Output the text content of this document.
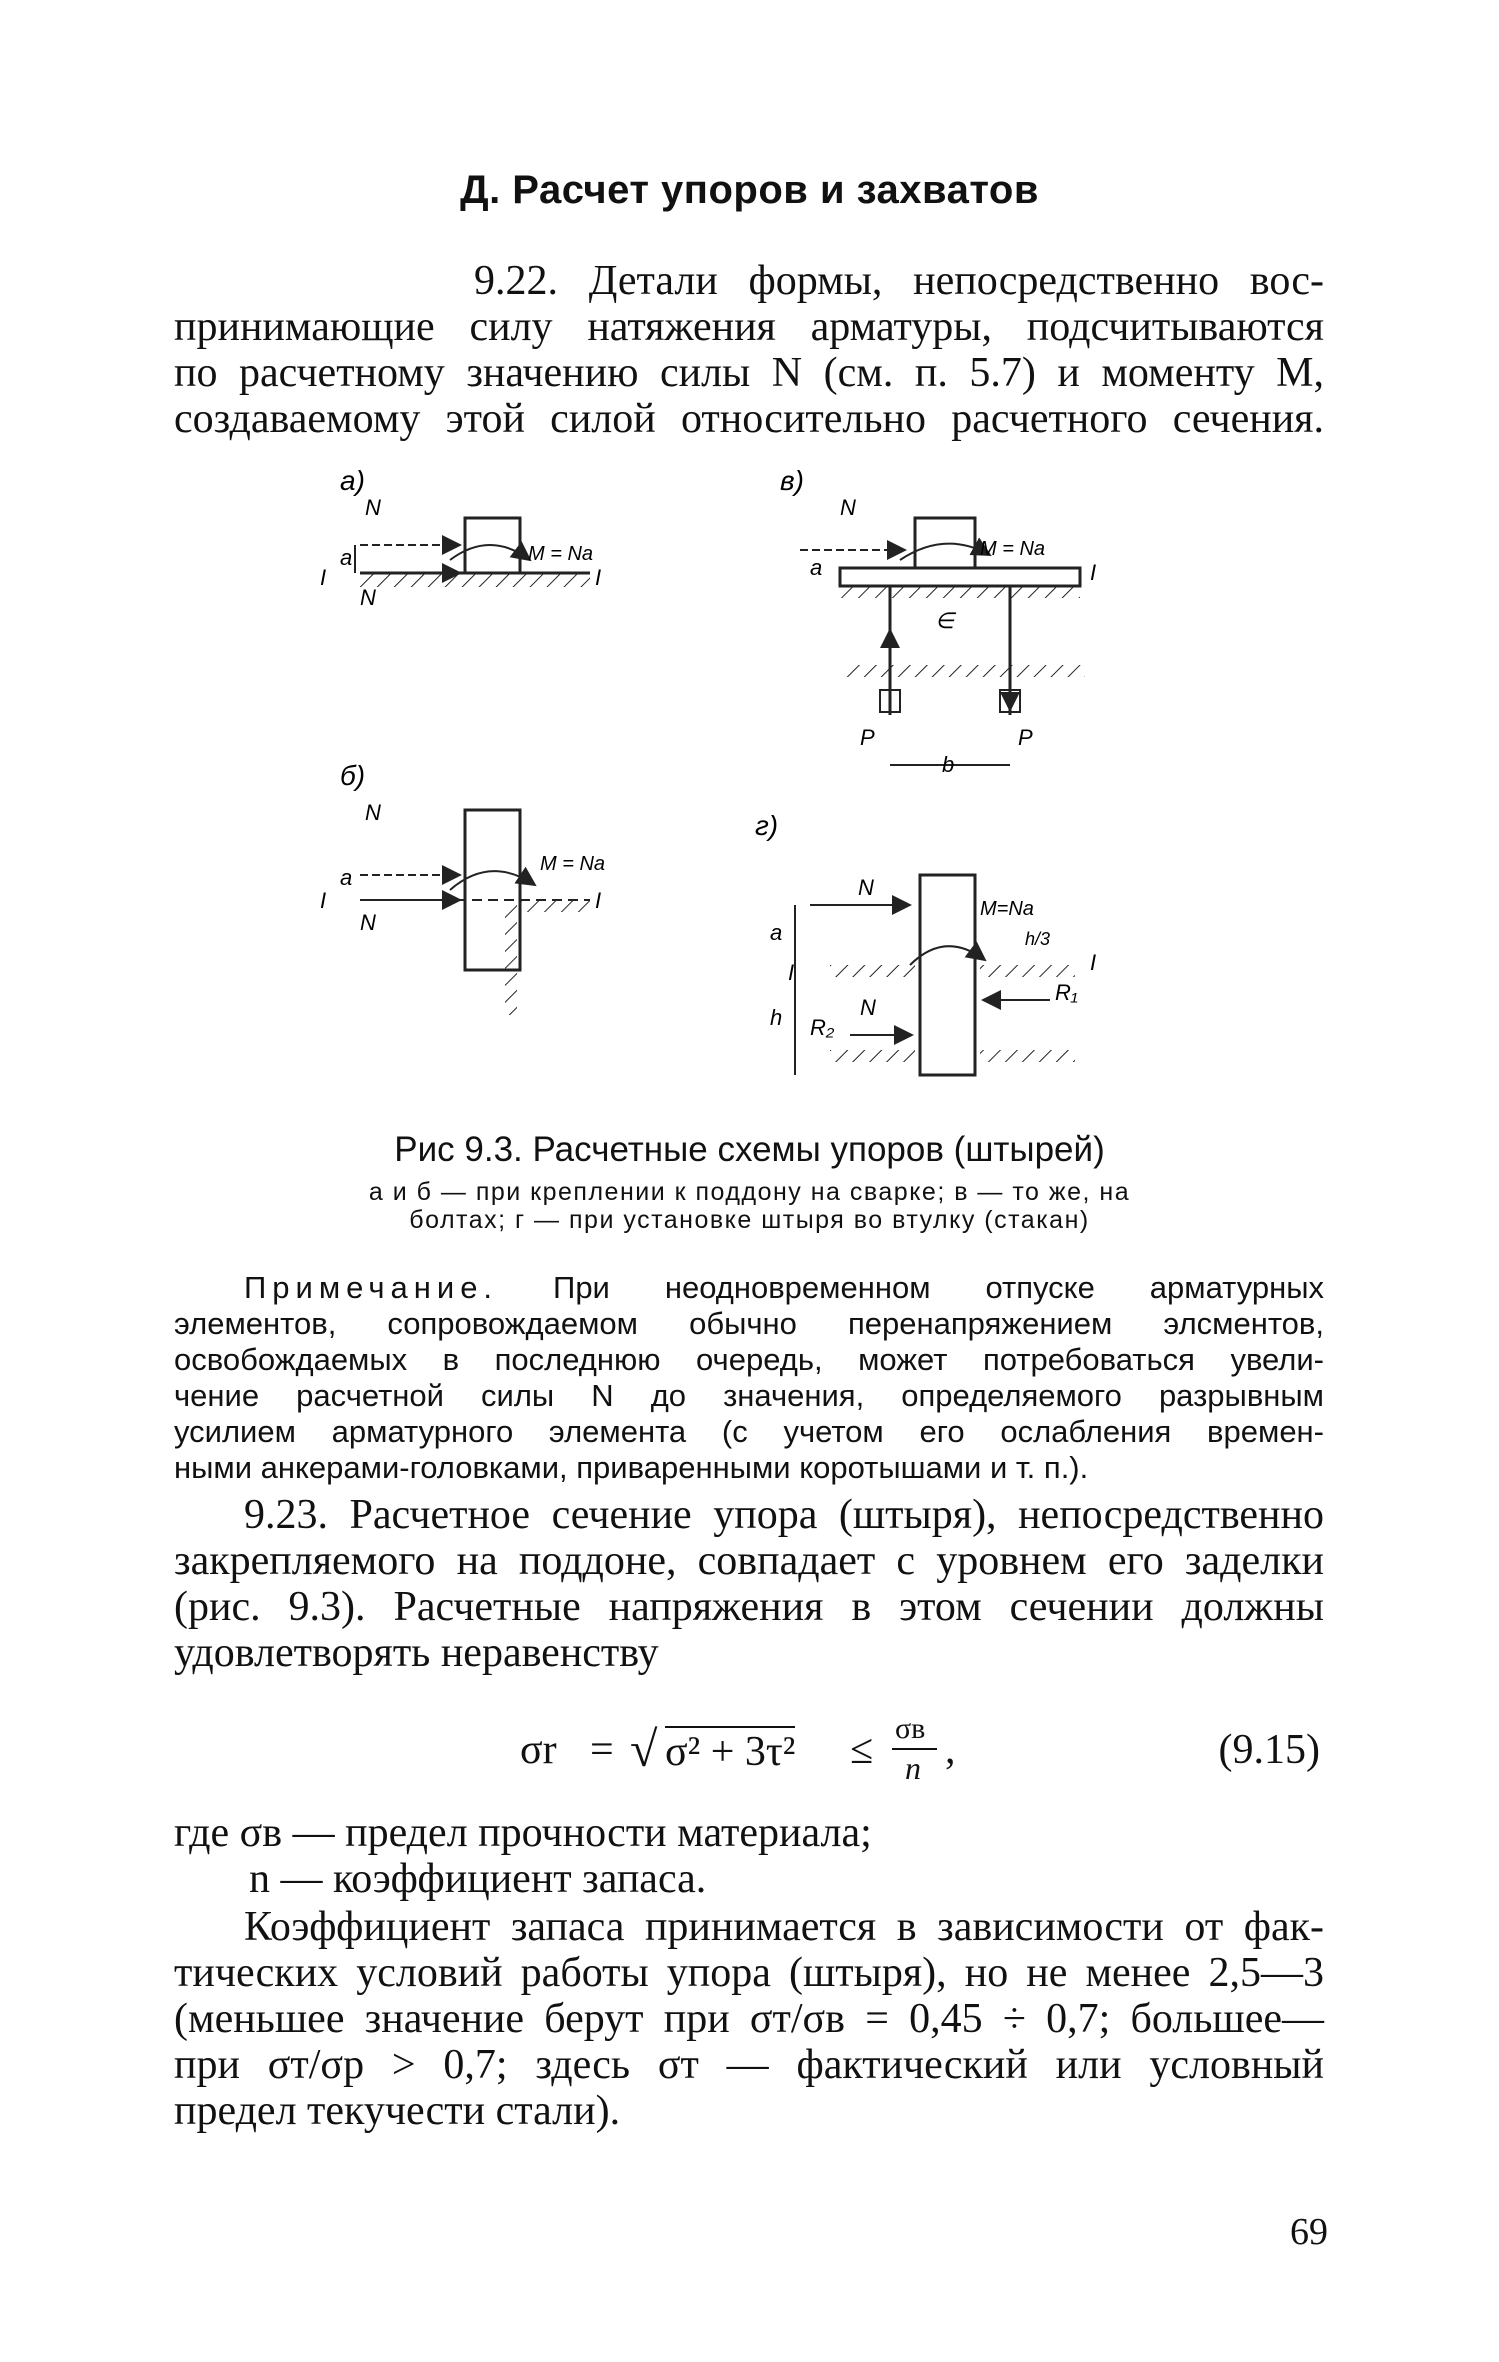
Д. Расчет упоров и захватов
9.22. Детали формы, непосредственно вос-
принимающие силу натяжения арматуры, подсчитываются
по расчетному значению силы N (см. п. 5.7) и моменту M,
создаваемому этой силой относительно расчетного сечения.
а)
N
N
a
I	I
M = Na
б)
N
N
a
I	I
M = Na
в)
N
M = Na
I
a
∈
P	P
b
г)
N
N
M=Na
a
h
I	I
R₁
R₂
h/3
Рис 9.3. Расчетные схемы упоров (штырей)
а и б — при креплении к поддону на сварке; в — то же, на
болтах; г — при установке штыря во втулку (стакан)
Примечание. При неодновременном отпуске арматурных
элементов, сопровождаемом обычно перенапряжением элсментов,
освобождаемых в последнюю очередь, может потребоваться увели-
чение расчетной силы N до значения, определяемого разрывным
усилием арматурного элемента (с учетом его ослабления времен-
ными анкерами-головками, приваренными коротышами и т. п.).
9.23. Расчетное сечение упора (штыря), непосредственно
закрепляемого на поддоне, совпадает с уровнем его заделки
(рис. 9.3). Расчетные напряжения в этом сечении должны
удовлетворять неравенству
σr = √ σ² + 3τ² ≤ σв
n ,	(9.15)
где σв — предел прочности материала;
n — коэффициент запаса.
Коэффициент запаса принимается в зависимости от фак-
тических условий работы упора (штыря), но не менее 2,5—3
(меньшее значение берут при σт/σв = 0,45 ÷ 0,7; большее—
при σт/σр > 0,7; здесь σт — фактический или условный
предел текучести стали).
69
